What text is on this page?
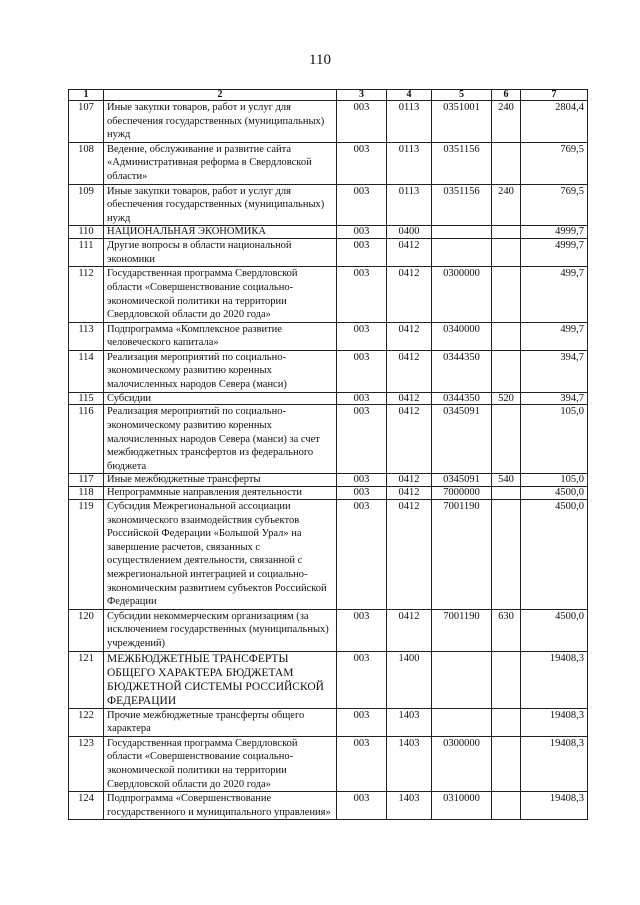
110
1	2	3	4	5	6	7
107	Иные закупки товаров, работ и услуг для обеспечения государственных (муниципальных) нужд	003	0113	0351001	240	2804,4
108	Ведение, обслуживание и развитие сайта «Административная реформа в Свердловской области»	003	0113	0351156		769,5
109	Иные закупки товаров, работ и услуг для обеспечения государственных (муниципальных) нужд	003	0113	0351156	240	769,5
110	НАЦИОНАЛЬНАЯ ЭКОНОМИКА	003	0400			4999,7
111	Другие вопросы в области национальной экономики	003	0412			4999,7
112	Государственная программа Свердловской области «Совершенствование социально-экономической политики на территории Свердловской области до 2020 года»	003	0412	0300000		499,7
113	Подпрограмма «Комплексное развитие человеческого капитала»	003	0412	0340000		499,7
114	Реализация мероприятий по социально-экономическому развитию коренных малочисленных народов Севера (манси)	003	0412	0344350		394,7
115	Субсидии	003	0412	0344350	520	394,7
116	Реализация мероприятий по социально-экономическому развитию коренных малочисленных народов Севера (манси) за счет межбюджетных трансфертов из федерального бюджета	003	0412	0345091		105,0
117	Иные межбюджетные трансферты	003	0412	0345091	540	105,0
118	Непрограммные направления деятельности	003	0412	7000000		4500,0
119	Субсидия Межрегиональной ассоциации экономического взаимодействия субъектов Российской Федерации «Большой Урал» на завершение расчетов, связанных с осуществлением деятельности, связанной с межрегиональной интеграцией и социально-экономическим развитием субъектов Российской Федерации	003	0412	7001190		4500,0
120	Субсидии некоммерческим организациям (за исключением государственных (муниципальных) учреждений)	003	0412	7001190	630	4500,0
121	МЕЖБЮДЖЕТНЫЕ ТРАНСФЕРТЫ ОБЩЕГО ХАРАКТЕРА БЮДЖЕТАМ БЮДЖЕТНОЙ СИСТЕМЫ РОССИЙСКОЙ ФЕДЕРАЦИИ	003	1400			19408,3
122	Прочие межбюджетные трансферты общего характера	003	1403			19408,3
123	Государственная программа Свердловской области «Совершенствование социально-экономической политики на территории Свердловской области до 2020 года»	003	1403	0300000		19408,3
124	Подпрограмма «Совершенствование государственного и муниципального управления»	003	1403	0310000		19408,3
